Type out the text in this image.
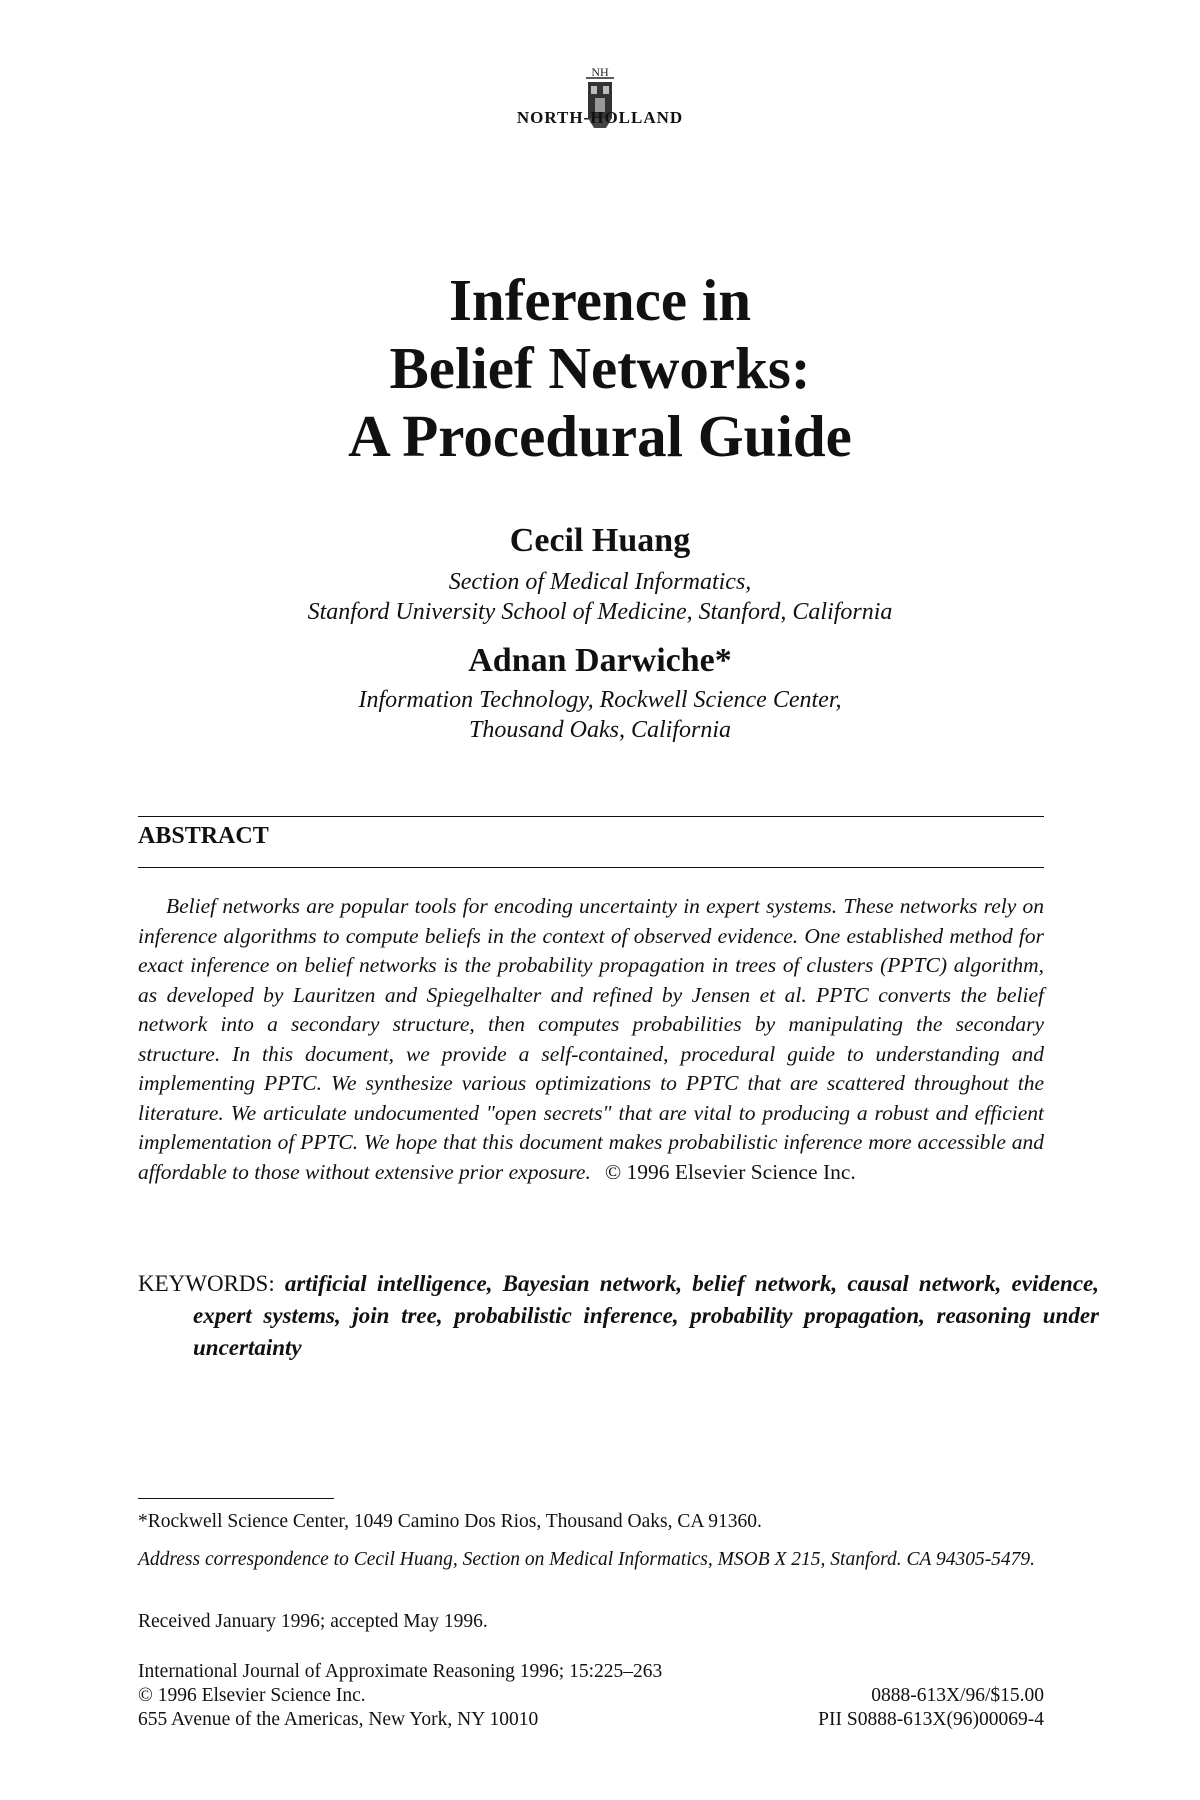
NH
NORTH-HOLLAND
Inference in
Belief Networks:
A Procedural Guide
Cecil Huang
Section of Medical Informatics,
Stanford University School of Medicine, Stanford, California
Adnan Darwiche*
Information Technology, Rockwell Science Center,
Thousand Oaks, California
ABSTRACT
Belief networks are popular tools for encoding uncertainty in expert systems. These networks rely on inference algorithms to compute beliefs in the context of observed evidence. One established method for exact inference on belief networks is the probability propagation in trees of clusters (PPTC) algorithm, as developed by Lauritzen and Spiegelhalter and refined by Jensen et al. PPTC converts the belief network into a secondary structure, then computes probabilities by manipulating the secondary structure. In this document, we provide a self-contained, procedural guide to understanding and implementing PPTC. We synthesize various optimizations to PPTC that are scattered throughout the literature. We articulate undocumented "open secrets" that are vital to producing a robust and efficient implementation of PPTC. We hope that this document makes probabilistic inference more accessible and affordable to those without extensive prior exposure. © 1996 Elsevier Science Inc.
KEYWORDS: artificial intelligence, Bayesian network, belief network, causal network, evidence, expert systems, join tree, probabilistic inference, probability propagation, reasoning under uncertainty
*Rockwell Science Center, 1049 Camino Dos Rios, Thousand Oaks, CA 91360.
Address correspondence to Cecil Huang, Section on Medical Informatics, MSOB X 215, Stanford. CA 94305-5479.
Received January 1996; accepted May 1996.
International Journal of Approximate Reasoning 1996; 15:225–263
© 1996 Elsevier Science Inc.	0888-613X/96/$15.00
655 Avenue of the Americas, New York, NY 10010	PII S0888-613X(96)00069-4
